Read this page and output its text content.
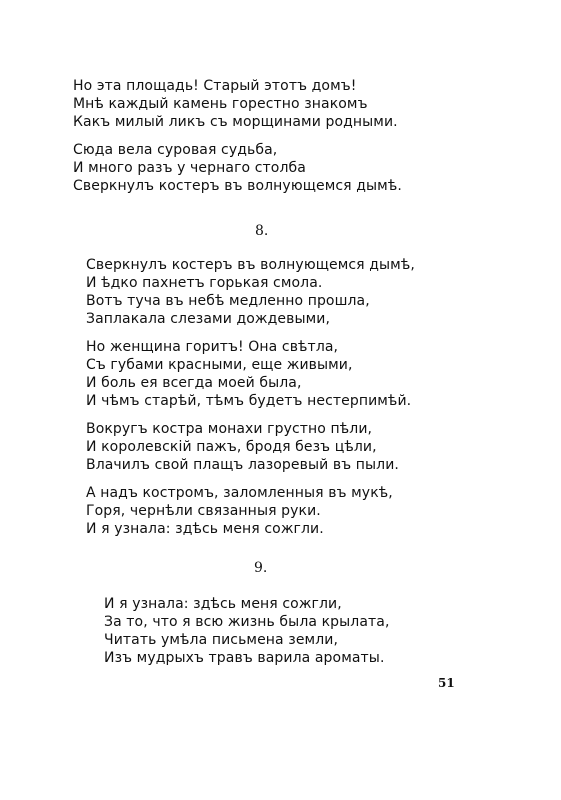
Но эта площадь! Старый этотъ домъ!
Мнѣ каждый камень горестно знакомъ
Какъ милый ликъ съ морщинами родными.
Сюда вела суровая судьба,
И много разъ у чернаго столба
Сверкнулъ костеръ въ волнующемся дымѣ.
8.
Сверкнулъ костеръ въ волнующемся дымѣ,
И ѣдко пахнетъ горькая смола.
Вотъ туча въ небѣ медленно прошла,
Заплакала слезами дождевыми,
Но женщина горитъ! Она свѣтла,
Съ губами красными, еще живыми,
И боль ея всегда моей была,
И чѣмъ старѣй, тѣмъ будетъ нестерпимѣй.
Вокругъ костра монахи грустно пѣли,
И королевскій пажъ, бродя безъ цѣли,
Влачилъ свой плащъ лазоревый въ пыли.
А надъ костромъ, заломленныя въ мукѣ,
Горя, чернѣли связанныя руки.
И я узнала: здѣсь меня сожгли.
9.
И я узнала: здѣсь меня сожгли,
За то, что я всю жизнь была крылата,
Читать умѣла письмена земли,
Изъ мудрыхъ травъ варила ароматы.
51
